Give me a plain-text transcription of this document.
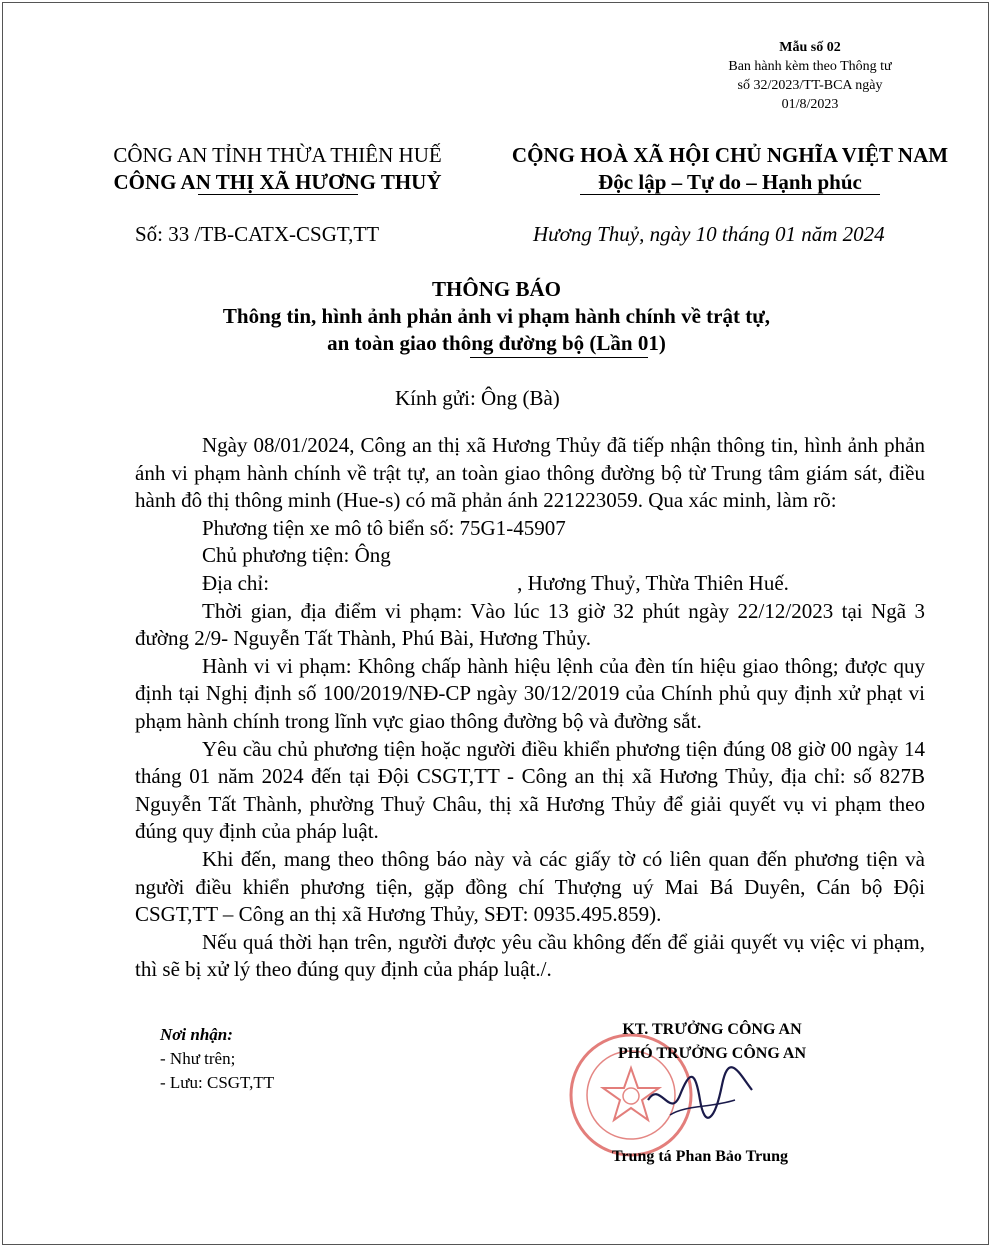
Mẫu số 02
Ban hành kèm theo Thông tư
số 32/2023/TT-BCA ngày
01/8/2023
CÔNG AN TỈNH THỪA THIÊN HUẾ
CÔNG AN THỊ XÃ HƯƠNG THUỶ
CỘNG HOÀ XÃ HỘI CHỦ NGHĨA VIỆT NAM
Độc lập – Tự do – Hạnh phúc
Số: 33 /TB-CATX-CSGT,TT	Hương Thuỷ, ngày 10 tháng 01 năm 2024
THÔNG BÁO
Thông tin, hình ảnh phản ảnh vi phạm hành chính về trật tự,
an toàn giao thông đường bộ (Lần 01)
Kính gửi: Ông (Bà)

Ngày 08/01/2024, Công an thị xã Hương Thủy đã tiếp nhận thông tin, hình ảnh phản ánh vi phạm hành chính về trật tự, an toàn giao thông đường bộ từ Trung tâm giám sát, điều hành đô thị thông minh (Hue-s) có mã phản ánh 221223059. Qua xác minh, làm rõ:

Phương tiện xe mô tô biển số: 75G1-45907

Chủ phương tiện: Ông

Địa chỉ:	, Hương Thuỷ, Thừa Thiên Huế.

Thời gian, địa điểm vi phạm: Vào lúc 13 giờ 32 phút ngày 22/12/2023 tại Ngã 3 đường 2/9- Nguyễn Tất Thành, Phú Bài, Hương Thủy.

Hành vi vi phạm: Không chấp hành hiệu lệnh của đèn tín hiệu giao thông; được quy định tại Nghị định số 100/2019/NĐ-CP ngày 30/12/2019 của Chính phủ quy định xử phạt vi phạm hành chính trong lĩnh vực giao thông đường bộ và đường sắt.

Yêu cầu chủ phương tiện hoặc người điều khiển phương tiện đúng 08 giờ 00 ngày 14 tháng 01 năm 2024 đến tại Đội CSGT,TT - Công an thị xã Hương Thủy, địa chỉ: số 827B Nguyễn Tất Thành, phường Thuỷ Châu, thị xã Hương Thủy để giải quyết vụ vi phạm theo đúng quy định của pháp luật.

Khi đến, mang theo thông báo này và các giấy tờ có liên quan đến phương tiện và người điều khiển phương tiện, gặp đồng chí Thượng uý Mai Bá Duyên, Cán bộ Đội CSGT,TT – Công an thị xã Hương Thủy, SĐT: 0935.495.859).

Nếu quá thời hạn trên, người được yêu cầu không đến để giải quyết vụ việc vi phạm, thì sẽ bị xử lý theo đúng quy định của pháp luật./.

Nơi nhận:
- Như trên;
- Lưu: CSGT,TT
KT. TRƯỞNG CÔNG AN
PHÓ TRƯỞNG CÔNG AN
Trung tá Phan Bảo Trung
